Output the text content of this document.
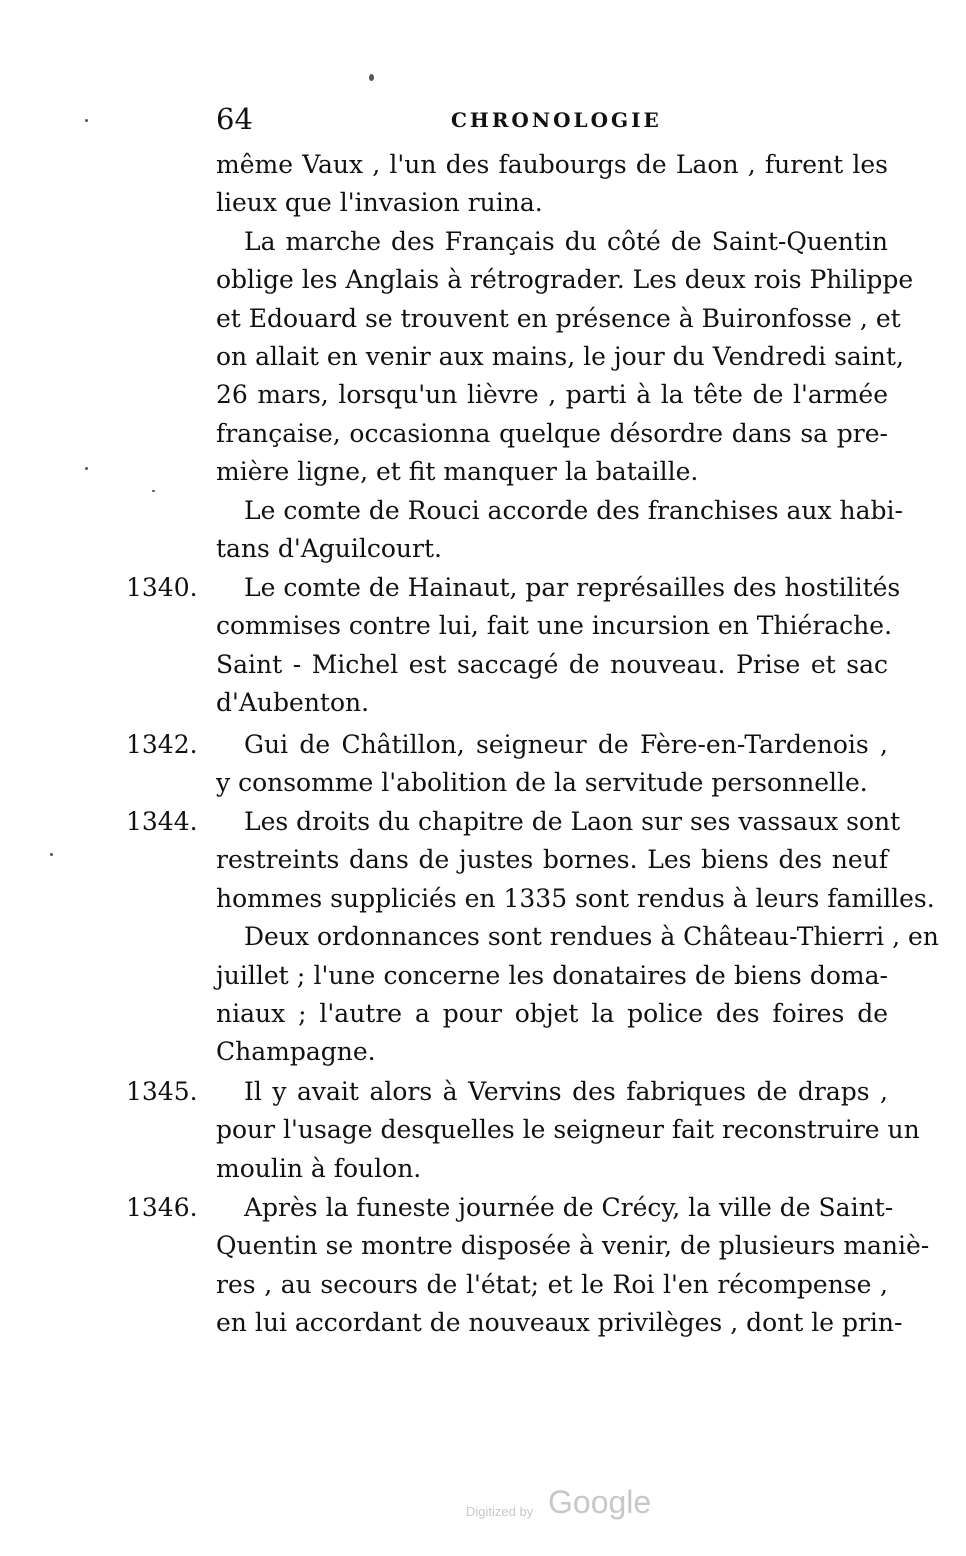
64	CHRONOLOGIE
même Vaux , l'un des faubourgs de Laon , furent les
lieux que l'invasion ruina.
La marche des Français du côté de Saint-Quentin
oblige les Anglais à rétrograder. Les deux rois Philippe
et Edouard se trouvent en présence à Buironfosse , et
on allait en venir aux mains, le jour du Vendredi saint,
26 mars, lorsqu'un lièvre , parti à la tête de l'armée
française, occasionna quelque désordre dans sa pre-
mière ligne, et fit manquer la bataille.
Le comte de Rouci accorde des franchises aux habi-
tans d'Aguilcourt.
1340.	Le comte de Hainaut, par représailles des hostilités
commises contre lui, fait une incursion en Thiérache.
Saint - Michel est saccagé de nouveau. Prise et sac
d'Aubenton.
1342.	Gui de Châtillon, seigneur de Fère-en-Tardenois ,
y consomme l'abolition de la servitude personnelle.
1344.	Les droits du chapitre de Laon sur ses vassaux sont
restreints dans de justes bornes. Les biens des neuf
hommes suppliciés en 1335 sont rendus à leurs familles.
Deux ordonnances sont rendues à Château-Thierri , en
juillet ; l'une concerne les donataires de biens doma-
niaux ; l'autre a pour objet la police des foires de
Champagne.
1345.	Il y avait alors à Vervins des fabriques de draps ,
pour l'usage desquelles le seigneur fait reconstruire un
moulin à foulon.
1346.	Après la funeste journée de Crécy, la ville de Saint-
Quentin se montre disposée à venir, de plusieurs maniè-
res , au secours de l'état; et le Roi l'en récompense ,
en lui accordant de nouveaux privilèges , dont le prin-
Digitized by Google
